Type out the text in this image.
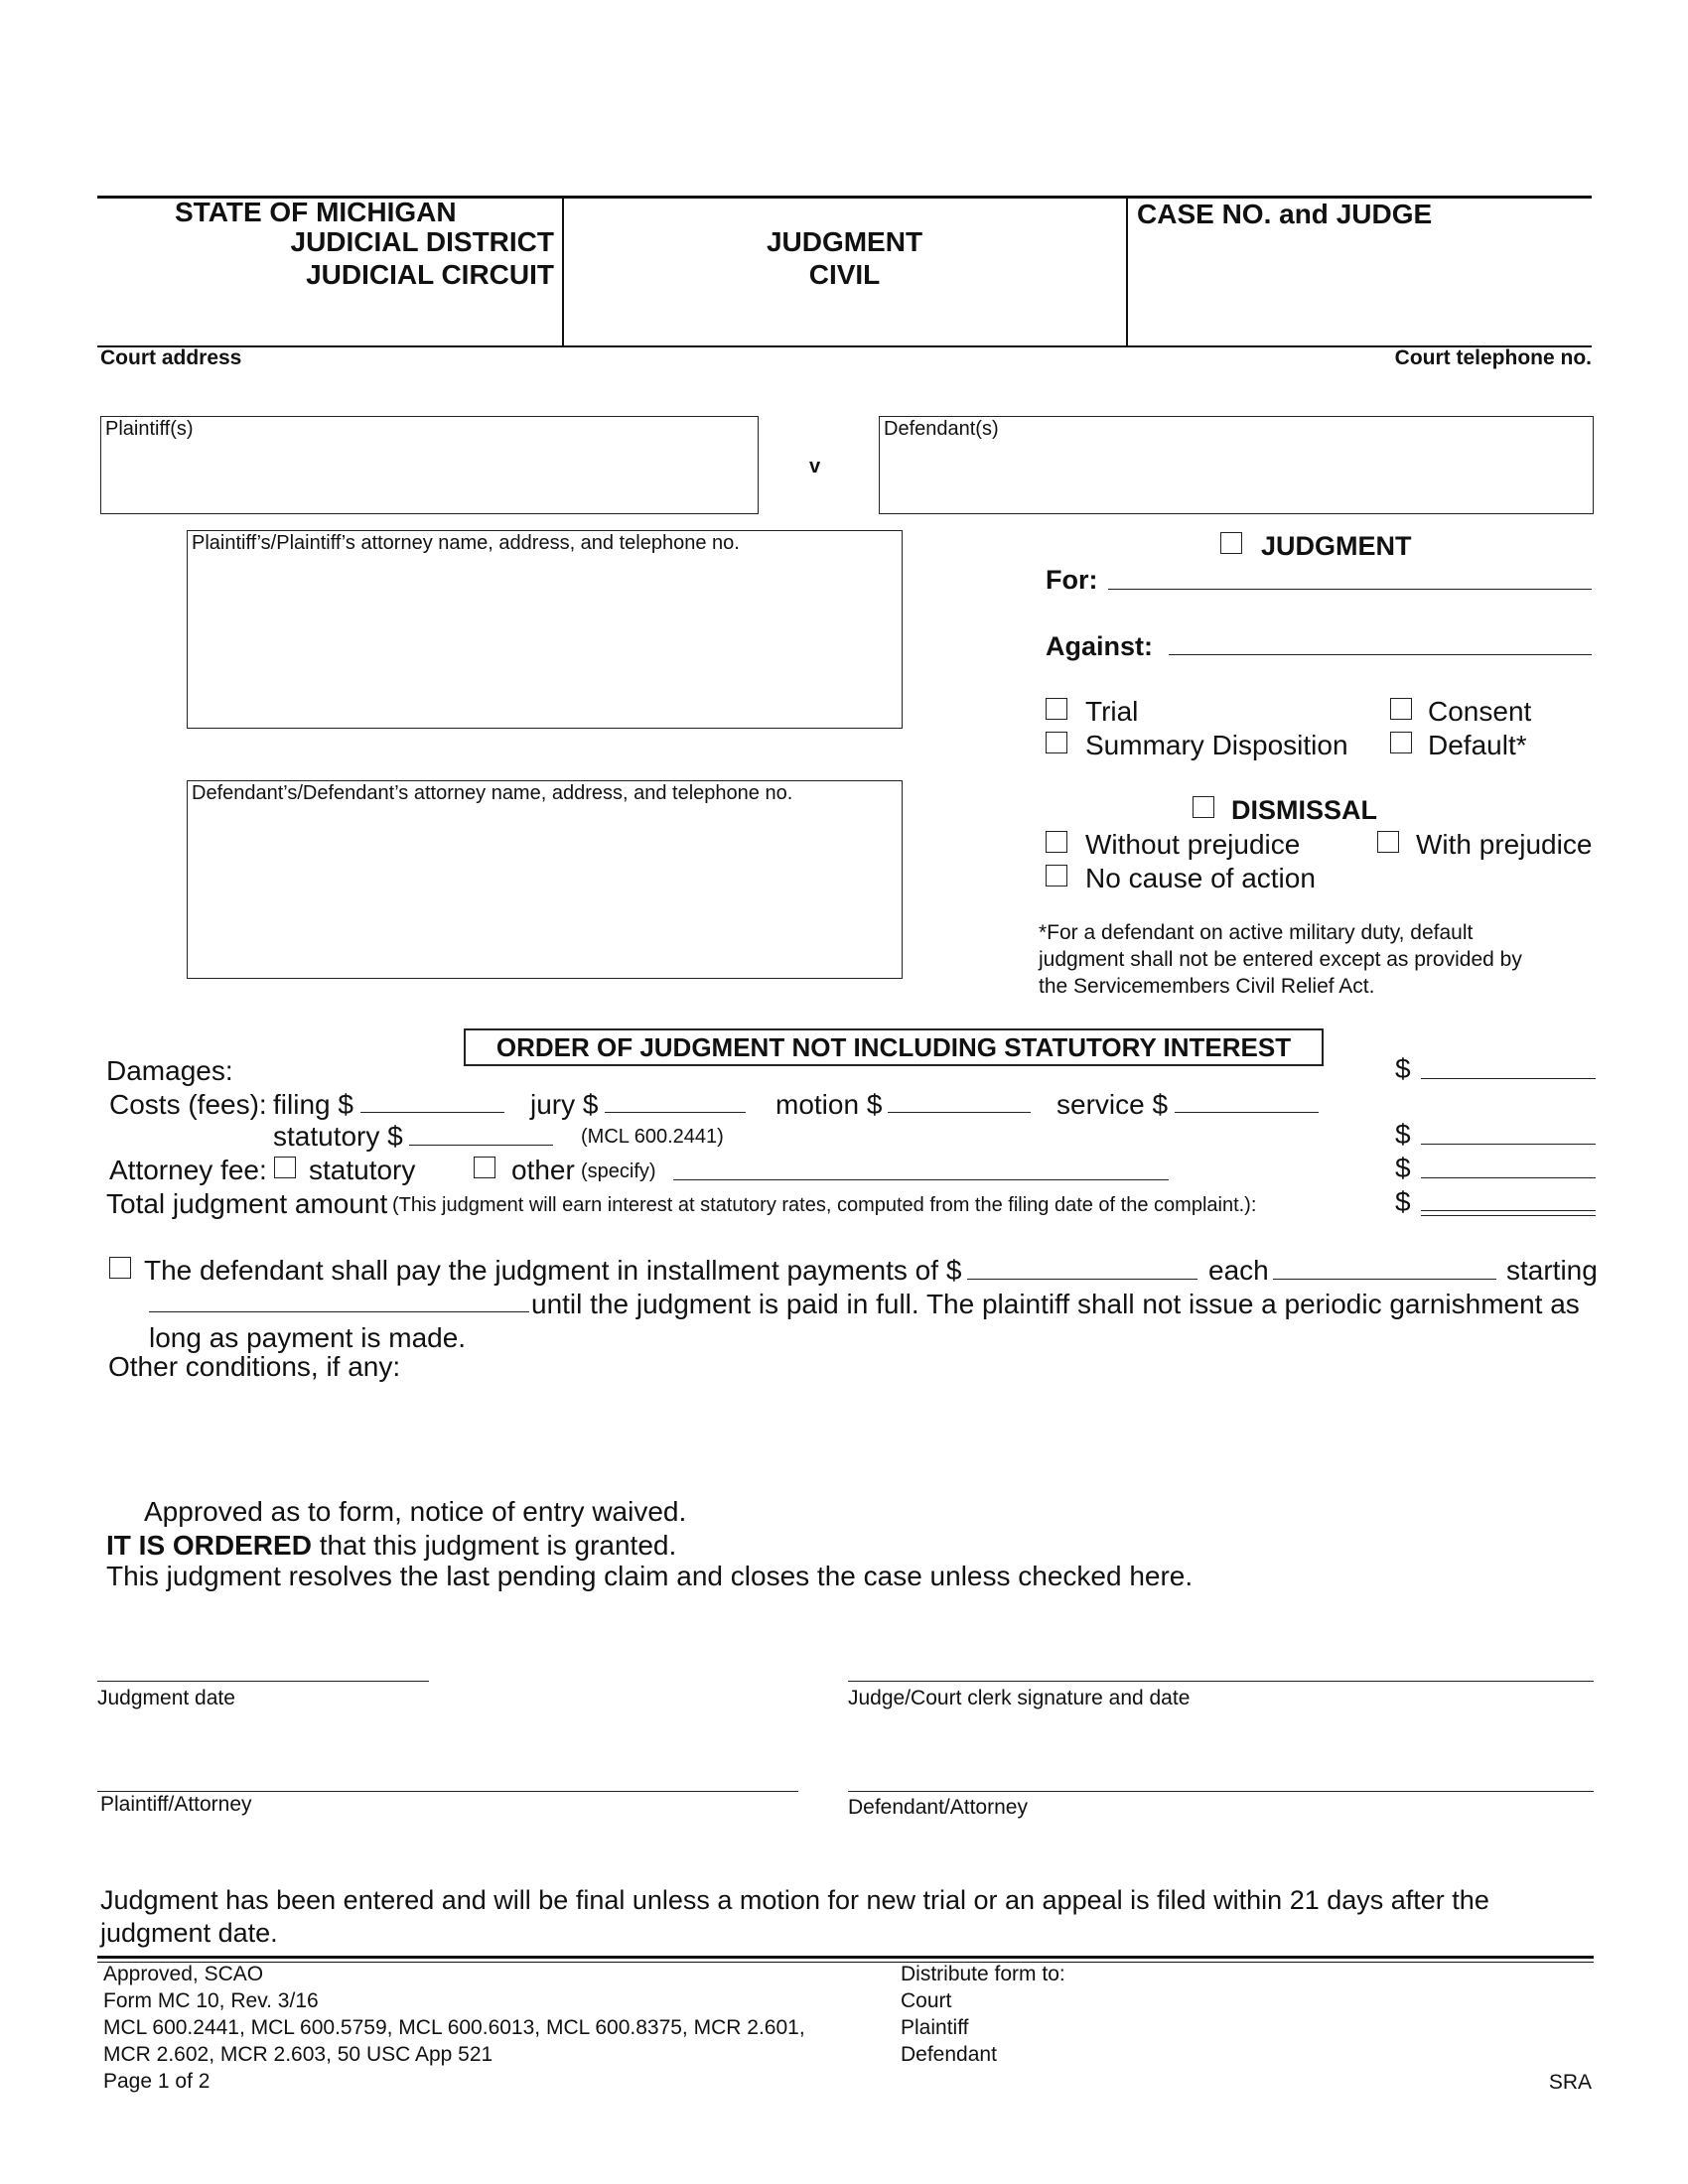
STATE OF MICHIGAN
JUDICIAL DISTRICT
JUDICIAL CIRCUIT
JUDGMENT
CIVIL
CASE NO. and JUDGE
Court address	Court telephone no.
Plaintiff(s)
v
Defendant(s)
Plaintiff’s/Plaintiff’s attorney name, address, and telephone no.
Defendant’s/Defendant’s attorney name, address, and telephone no.
JUDGMENT
For:
Against:
Trial	Consent
Summary Disposition	Default*
DISMISSAL
Without prejudice	With prejudice
No cause of action
*For a defendant on active military duty, default
judgment shall not be entered except as provided by
the Servicemembers Civil Relief Act.
ORDER OF JUDGMENT NOT INCLUDING STATUTORY INTEREST
Damages:	$
Costs (fees): filing $	jury $	motion $	service $
statutory $	(MCL 600.2441)	$
Attorney fee: statutory	other (specify)	$
Total judgment amount (This judgment will earn interest at statutory rates, computed from the filing date of the complaint.):	$
The defendant shall pay the judgment in installment payments of $	each	starting
until the judgment is paid in full. The plaintiff shall not issue a periodic garnishment as
long as payment is made.
Other conditions, if any:
Approved as to form, notice of entry waived.
IT IS ORDERED that this judgment is granted.
This judgment resolves the last pending claim and closes the case unless checked here.
Judgment date	Judge/Court clerk signature and date
Plaintiff/Attorney	Defendant/Attorney
Judgment has been entered and will be final unless a motion for new trial or an appeal is filed within 21 days after the
judgment date.
Approved, SCAO
Form MC 10, Rev. 3/16
MCL 600.2441, MCL 600.5759, MCL 600.6013, MCL 600.8375, MCR 2.601,
MCR 2.602, MCR 2.603, 50 USC App 521
Page 1 of 2
Distribute form to:
Court
Plaintiff
Defendant
SRA
